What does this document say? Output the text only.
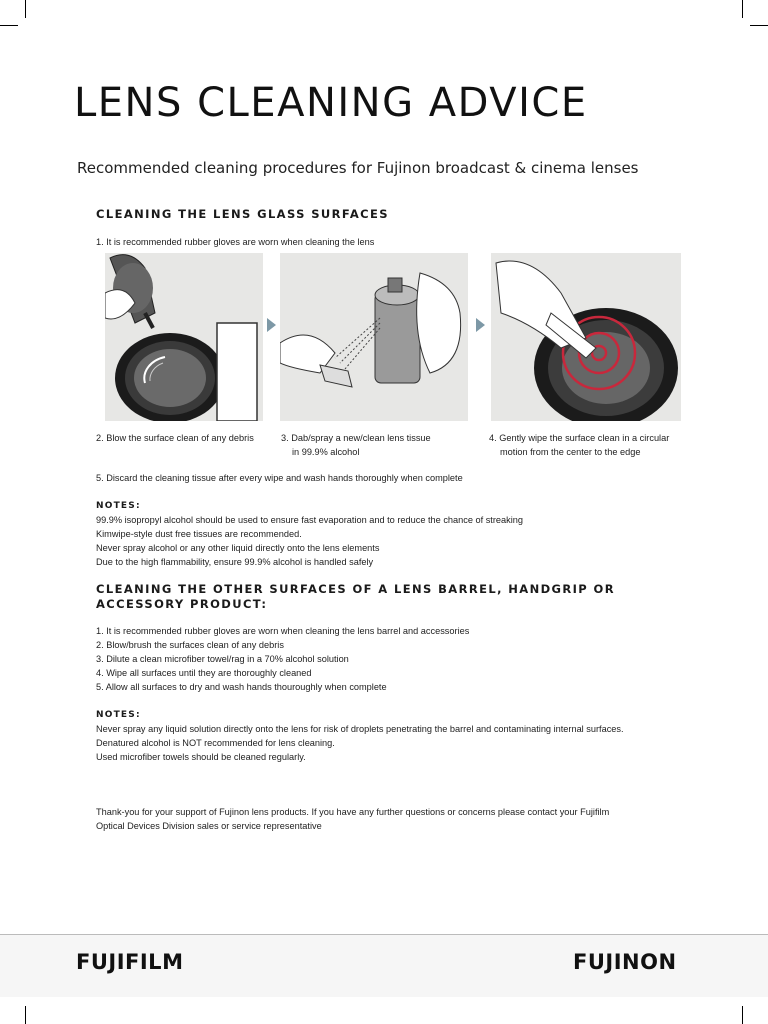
LENS CLEANING ADVICE

Recommended cleaning procedures for Fujinon broadcast & cinema lenses

CLEANING THE LENS GLASS SURFACES
1. It is recommended rubber gloves are worn when cleaning the lens
2. Blow the surface clean of any debris	3. Dab/spray a new/clean lens tissue
in 99.9% alcohol
4. Gently wipe the surface clean in a circular
motion from the center to the edge
5. Discard the cleaning tissue after every wipe and wash hands thoroughly when complete
NOTES:
99.9% isopropyl alcohol should be used to ensure fast evaporation and to reduce the chance of streaking
Kimwipe-style dust free tissues are recommended.
Never spray alcohol or any other liquid directly onto the lens elements
Due to the high flammability, ensure 99.9% alcohol is handled safely
CLEANING THE OTHER SURFACES OF A LENS BARREL, HANDGRIP OR
ACCESSORY PRODUCT:
1. It is recommended rubber gloves are worn when cleaning the lens barrel and accessories
2. Blow/brush the surfaces clean of any debris
3. Dilute a clean microfiber towel/rag in a 70% alcohol solution
4. Wipe all surfaces until they are thoroughly cleaned
5. Allow all surfaces to dry and wash hands thouroughly when complete
NOTES:
Never spray any liquid solution directly onto the lens for risk of droplets penetrating the barrel and contaminating internal surfaces.
Denatured alcohol is NOT recommended for lens cleaning.
Used microfiber towels should be cleaned regularly.
Thank-you for your support of Fujinon lens products. If you have any further questions or concerns please contact your Fujifilm
Optical Devices Division sales or service representative
FUJIFILM	FUJINON
